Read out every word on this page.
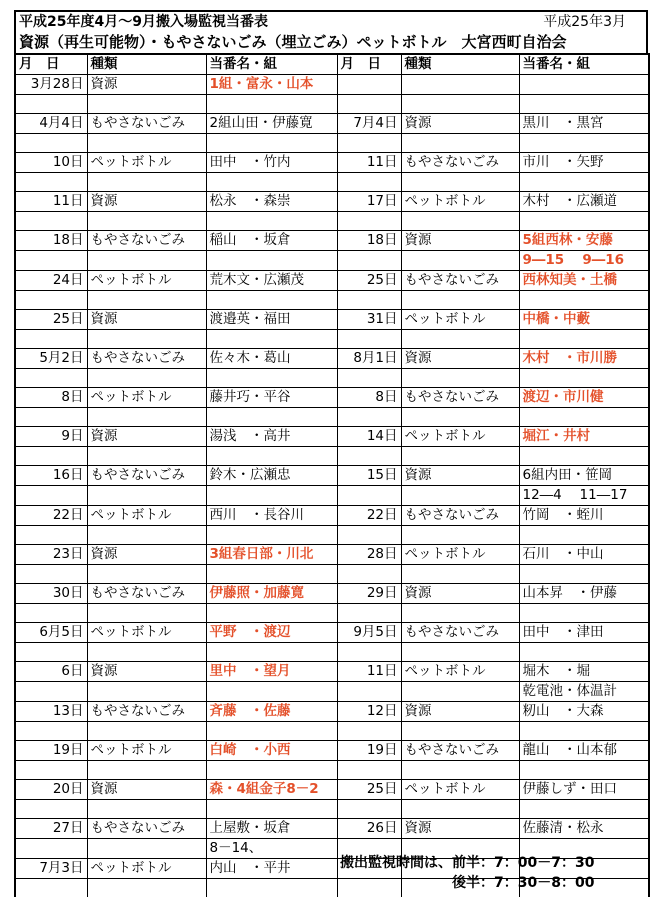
平成25年度4月～9月搬入場監視当番表	平成25年3月
資源（再生可能物）・もやさないごみ（埋立ごみ）ペットボトル　大宮西町自治会
月　日	種類	当番名・組	月　日	種類	当番名・組
3月28日	資源	1組・富永・山本			

4月4日	もやさないごみ	2組山田・伊藤寛	7月4日	資源	黒川　・黒宮

10日	ペットボトル	田中　・竹内	11日	もやさないごみ	市川　・矢野

11日	資源	松永　・森崇	17日	ペットボトル	木村　・広瀬道

18日	もやさないごみ	稲山　・坂倉	18日	資源	5組西林・安藤
					9―15　 9―16
24日	ペットボトル	荒木文・広瀬茂	25日	もやさないごみ	西林知美・土橋

25日	資源	渡邉英・福田	31日	ペットボトル	中橋・中藪

5月2日	もやさないごみ	佐々木・葛山	8月1日	資源	木村　・市川勝

8日	ペットボトル	藤井巧・平谷	8日	もやさないごみ	渡辺・市川健

9日	資源	湯浅　・高井	14日	ペットボトル	堀江・井村

16日	もやさないごみ	鈴木・広瀬忠	15日	資源	6組内田・笹岡
					12―4　 11―17
22日	ペットボトル	西川　・長谷川	22日	もやさないごみ	竹岡　・蛭川

23日	資源	3組春日部・川北	28日	ペットボトル	石川　・中山

30日	もやさないごみ	伊藤照・加藤寛	29日	資源	山本昇　・伊藤

6月5日	ペットボトル	平野　・渡辺	9月5日	もやさないごみ	田中　・津田

6日	資源	里中　・望月	11日	ペットボトル	堀木　・堀
					乾電池・体温計
13日	もやさないごみ	斉藤　・佐藤	12日	資源	籾山　・大森

19日	ペットボトル	白崎　・小西	19日	もやさないごみ	龍山　・山本郁

20日	資源	森・4組金子8－2	25日	ペットボトル	伊藤しず・田口

27日	もやさないごみ	上屋敷・坂倉	26日	資源	佐藤清・松永
		8－14、			
7月3日	ペットボトル	内山　・平井			
						搬出監視時間は、前半：7：00－7：30
後半：7：30－8：00
